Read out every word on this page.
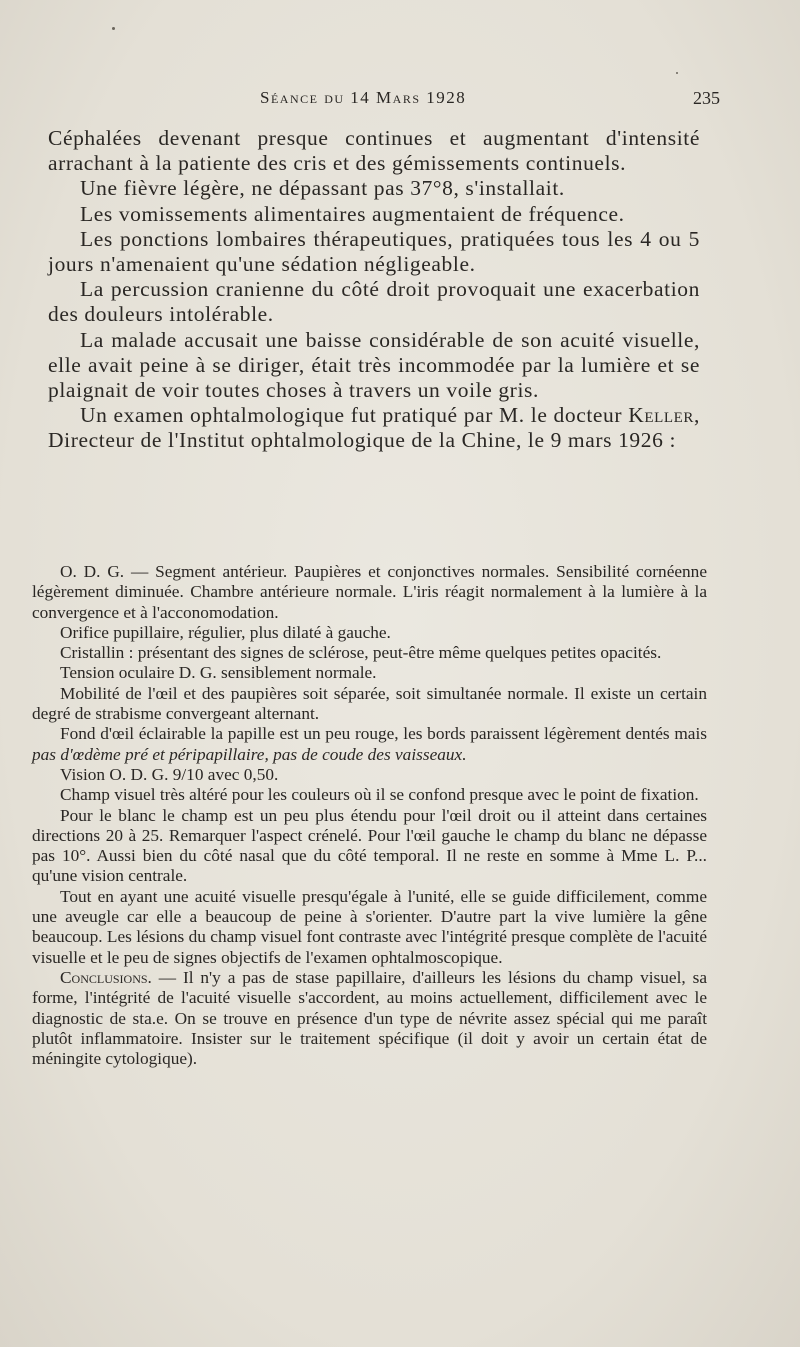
Séance du 14 Mars 1928	235

Céphalées devenant presque continues et augmentant d'intensité arrachant à la patiente des cris et des gémissements continuels.

Une fièvre légère, ne dépassant pas 37°8, s'installait.

Les vomissements alimentaires augmentaient de fréquence.

Les ponctions lombaires thérapeutiques, pratiquées tous les 4 ou 5 jours n'amenaient qu'une sédation négligeable.

La percussion cranienne du côté droit provoquait une exacerbation des douleurs intolérable.

La malade accusait une baisse considérable de son acuité visuelle, elle avait peine à se diriger, était très incommodée par la lumière et se plaignait de voir toutes choses à travers un voile gris.

Un examen ophtalmologique fut pratiqué par M. le docteur Keller, Directeur de l'Institut ophtalmologique de la Chine, le 9 mars 1926 :

O. D. G. — Segment antérieur. Paupières et conjonctives normales. Sensibilité cornéenne légèrement diminuée. Chambre antérieure normale. L'iris réagit normalement à la lumière à la convergence et à l'acconomodation.

Orifice pupillaire, régulier, plus dilaté à gauche.

Cristallin : présentant des signes de sclérose, peut-être même quelques petites opacités.

Tension oculaire D. G. sensiblement normale.

Mobilité de l'œil et des paupières soit séparée, soit simultanée normale. Il existe un certain degré de strabisme convergeant alternant.

Fond d'œil éclairable la papille est un peu rouge, les bords paraissent légèrement dentés mais pas d'œdème pré et péripapillaire, pas de coude des vaisseaux.

Vision O. D. G. 9/10 avec 0,50.

Champ visuel très altéré pour les couleurs où il se confond presque avec le point de fixation.

Pour le blanc le champ est un peu plus étendu pour l'œil droit ou il atteint dans certaines directions 20 à 25. Remarquer l'aspect crénelé. Pour l'œil gauche le champ du blanc ne dépasse pas 10°. Aussi bien du côté nasal que du côté temporal. Il ne reste en somme à Mme L. P... qu'une vision centrale.

Tout en ayant une acuité visuelle presqu'égale à l'unité, elle se guide difficilement, comme une aveugle car elle a beaucoup de peine à s'orienter. D'autre part la vive lumière la gêne beaucoup. Les lésions du champ visuel font contraste avec l'intégrité presque complète de l'acuité visuelle et le peu de signes objectifs de l'examen ophtalmoscopique.

Conclusions. — Il n'y a pas de stase papillaire, d'ailleurs les lésions du champ visuel, sa forme, l'intégrité de l'acuité visuelle s'accordent, au moins actuellement, difficilement avec le diagnostic de sta.e. On se trouve en présence d'un type de névrite assez spécial qui me paraît plutôt inflammatoire. Insister sur le traitement spécifique (il doit y avoir un certain état de méningite cytologique).
